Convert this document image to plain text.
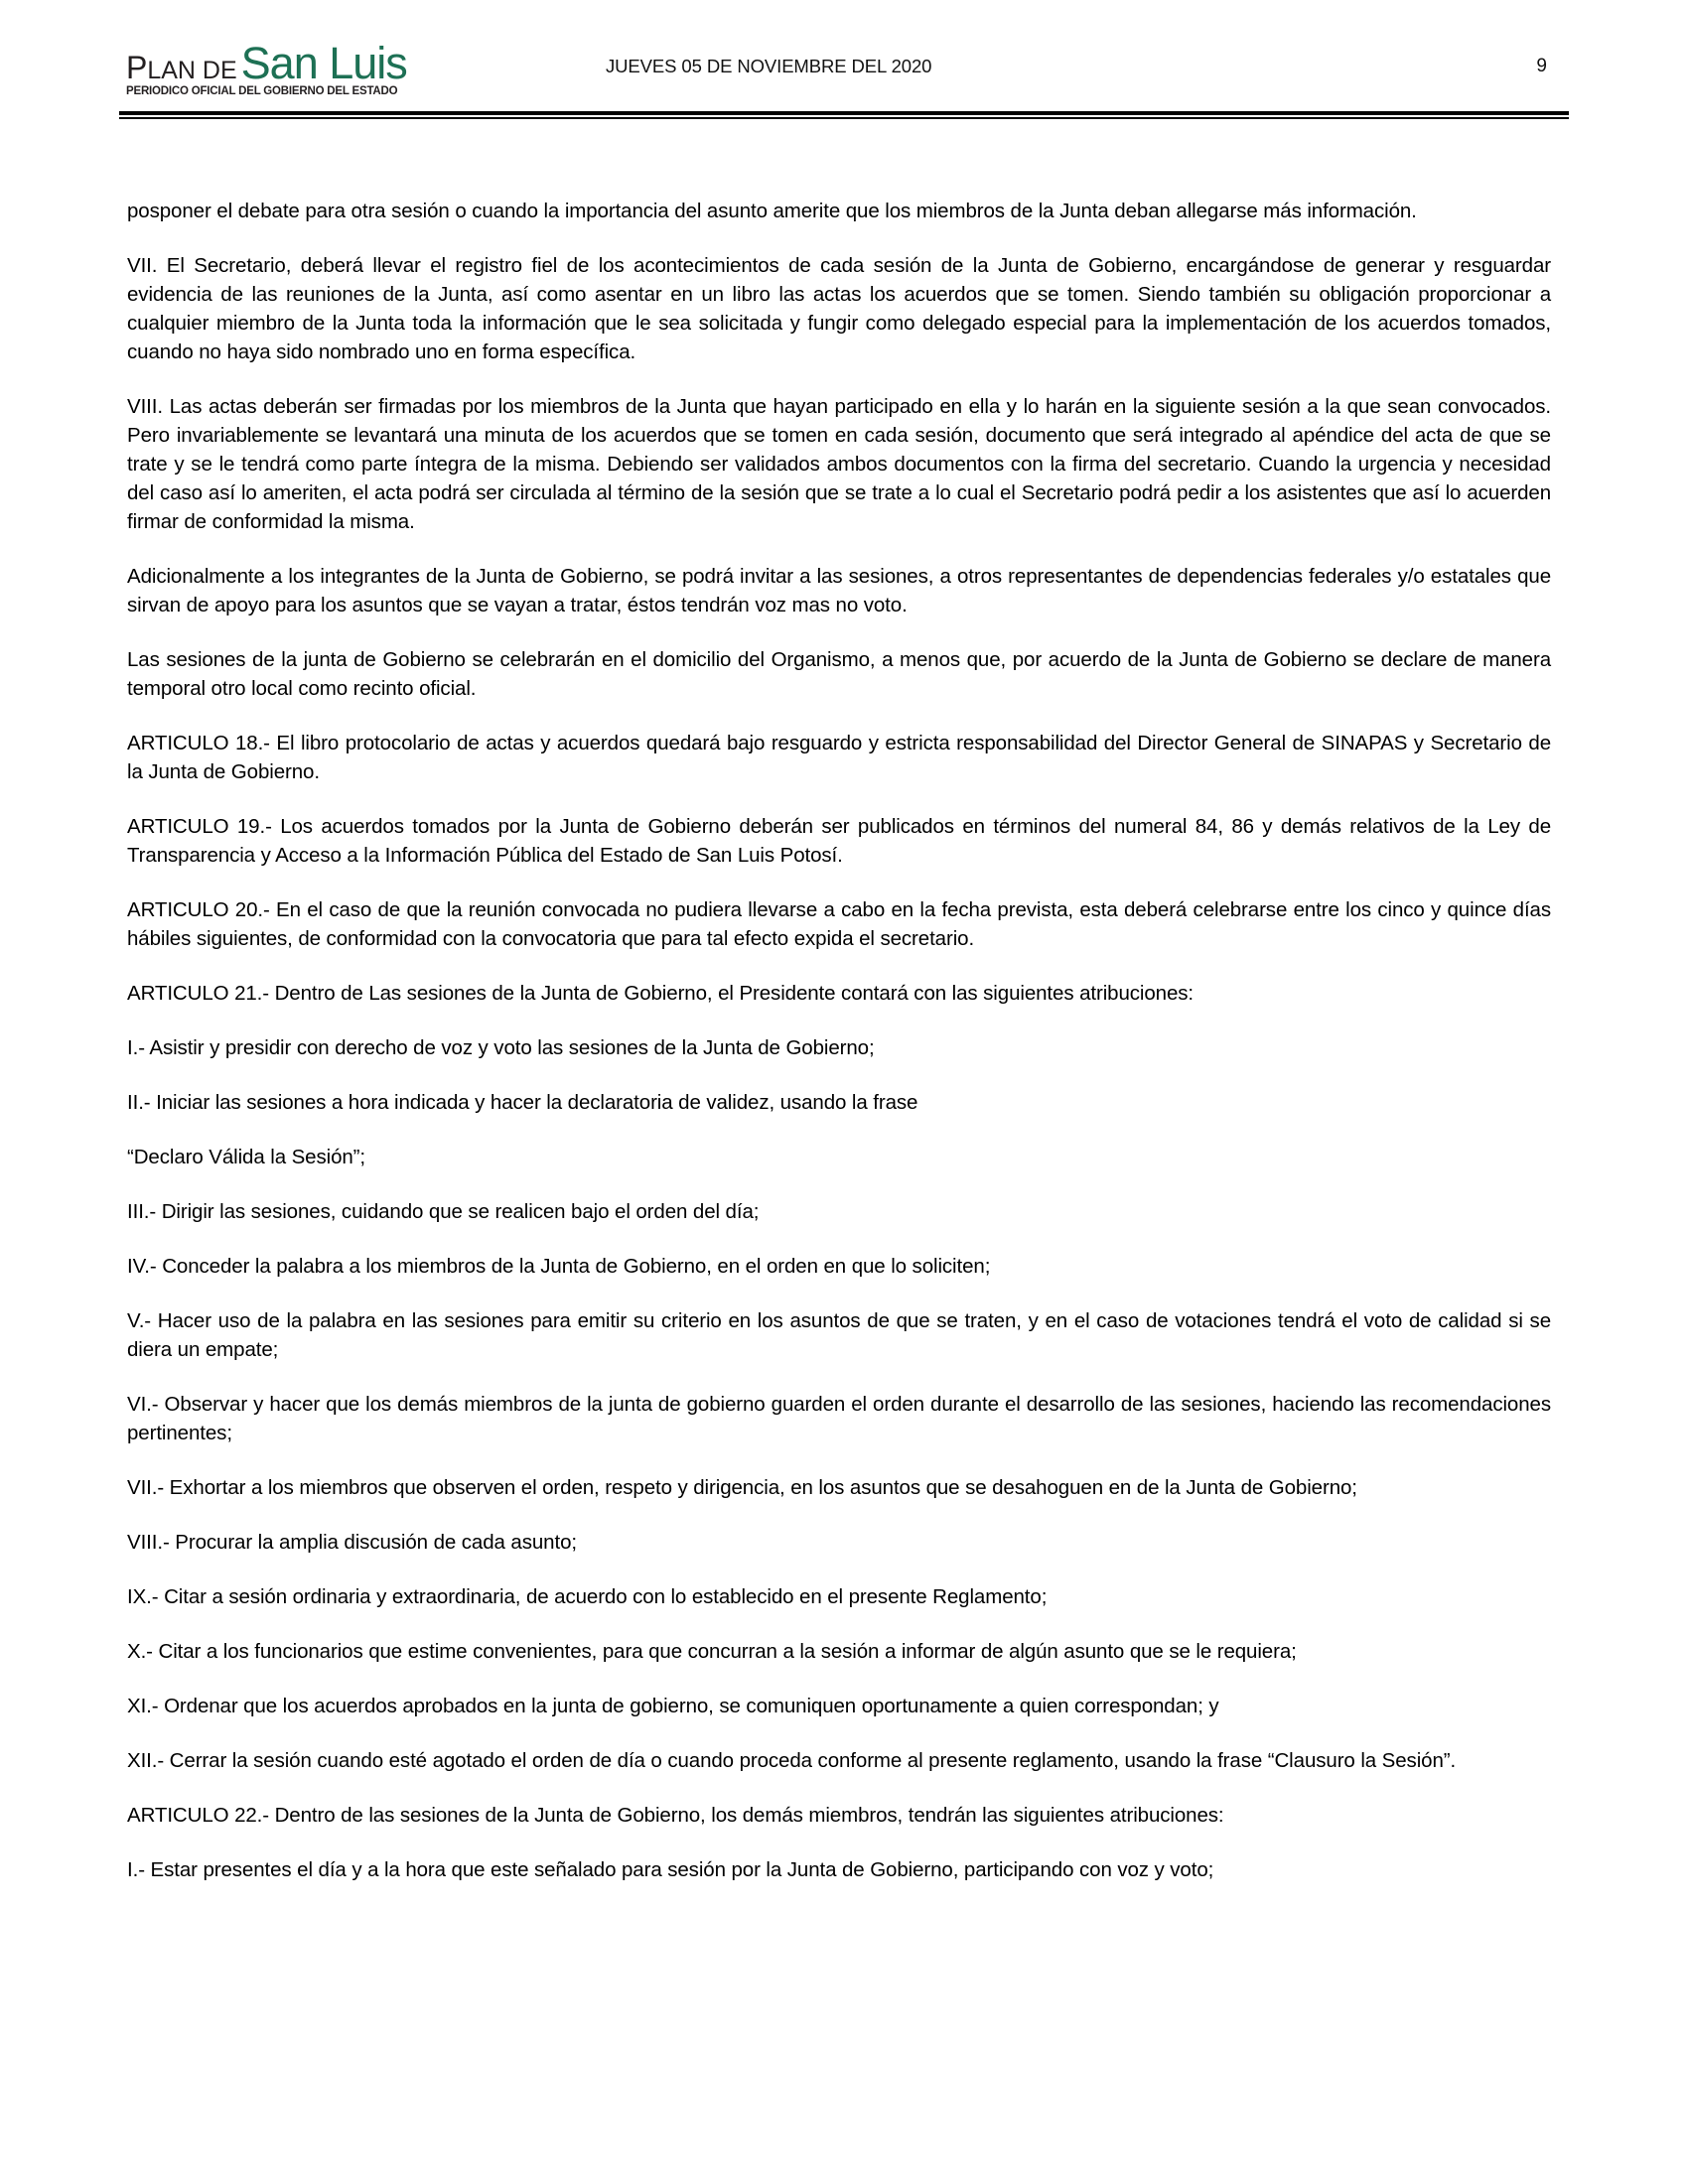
PLAN DESan Luis
PERIODICO OFICIAL DEL GOBIERNO DEL ESTADO
JUEVES 05 DE NOVIEMBRE DEL 2020	9

posponer el debate para otra sesión o cuando la importancia del asunto amerite que los miembros de la Junta deban allegarse más información.

VII. El Secretario, deberá llevar el registro fiel de los acontecimientos de cada sesión de la Junta de Gobierno, encargándose de generar y resguardar evidencia de las reuniones de la Junta, así como asentar en un libro las actas los acuerdos que se tomen. Siendo también su obligación proporcionar a cualquier miembro de la Junta toda la información que le sea solicitada y fungir como delegado especial para la implementación de los acuerdos tomados, cuando no haya sido nombrado uno en forma específica.

VIII. Las actas deberán ser firmadas por los miembros de la Junta que hayan participado en ella y lo harán en la siguiente sesión a la que sean convocados. Pero invariablemente se levantará una minuta de los acuerdos que se tomen en cada sesión, documento que será integrado al apéndice del acta de que se trate y se le tendrá como parte íntegra de la misma. Debiendo ser validados ambos documentos con la firma del secretario. Cuando la urgencia y necesidad del caso así lo ameriten, el acta podrá ser circulada al término de la sesión que se trate a lo cual el Secretario podrá pedir a los asistentes que así lo acuerden firmar de conformidad la misma.

Adicionalmente a los integrantes de la Junta de Gobierno, se podrá invitar a las sesiones, a otros representantes de dependencias federales y/o estatales que sirvan de apoyo para los asuntos que se vayan a tratar, éstos tendrán voz mas no voto.

Las sesiones de la junta de Gobierno se celebrarán en el domicilio del Organismo, a menos que, por acuerdo de la Junta de Gobierno se declare de manera temporal otro local como recinto oficial.

ARTICULO 18.- El libro protocolario de actas y acuerdos quedará bajo resguardo y estricta responsabilidad del Director General de SINAPAS y Secretario de la Junta de Gobierno.

ARTICULO 19.- Los acuerdos tomados por la Junta de Gobierno deberán ser publicados en términos del numeral 84, 86 y demás relativos de la Ley de Transparencia y Acceso a la Información Pública del Estado de San Luis Potosí.

ARTICULO 20.- En el caso de que la reunión convocada no pudiera llevarse a cabo en la fecha prevista, esta deberá celebrarse entre los cinco y quince días hábiles siguientes, de conformidad con la convocatoria que para tal efecto expida el secretario.

ARTICULO 21.- Dentro de Las sesiones de la Junta de Gobierno, el Presidente contará con las siguientes atribuciones:

I.- Asistir y presidir con derecho de voz y voto las sesiones de la Junta de Gobierno;

II.- Iniciar las sesiones a hora indicada y hacer la declaratoria de validez, usando la frase

“Declaro Válida la Sesión”;

III.- Dirigir las sesiones, cuidando que se realicen bajo el orden del día;

IV.- Conceder la palabra a los miembros de la Junta de Gobierno, en el orden en que lo soliciten;

V.- Hacer uso de la palabra en las sesiones para emitir su criterio en los asuntos de que se traten, y en el caso de votaciones tendrá el voto de calidad si se diera un empate;

VI.- Observar y hacer que los demás miembros de la junta de gobierno guarden el orden durante el desarrollo de las sesiones, haciendo las recomendaciones pertinentes;

VII.- Exhortar a los miembros que observen el orden, respeto y dirigencia, en los asuntos que se desahoguen en de la Junta de Gobierno;

VIII.- Procurar la amplia discusión de cada asunto;

IX.- Citar a sesión ordinaria y extraordinaria, de acuerdo con lo establecido en el presente Reglamento;

X.- Citar a los funcionarios que estime convenientes, para que concurran a la sesión a informar de algún asunto que se le requiera;

XI.- Ordenar que los acuerdos aprobados en la junta de gobierno, se comuniquen oportunamente a quien correspondan; y

XII.- Cerrar la sesión cuando esté agotado el orden de día o cuando proceda conforme al presente reglamento, usando la frase “Clausuro la Sesión”.

ARTICULO 22.- Dentro de las sesiones de la Junta de Gobierno, los demás miembros, tendrán las siguientes atribuciones:

I.- Estar presentes el día y a la hora que este señalado para sesión por la Junta de Gobierno, participando con voz y voto;
